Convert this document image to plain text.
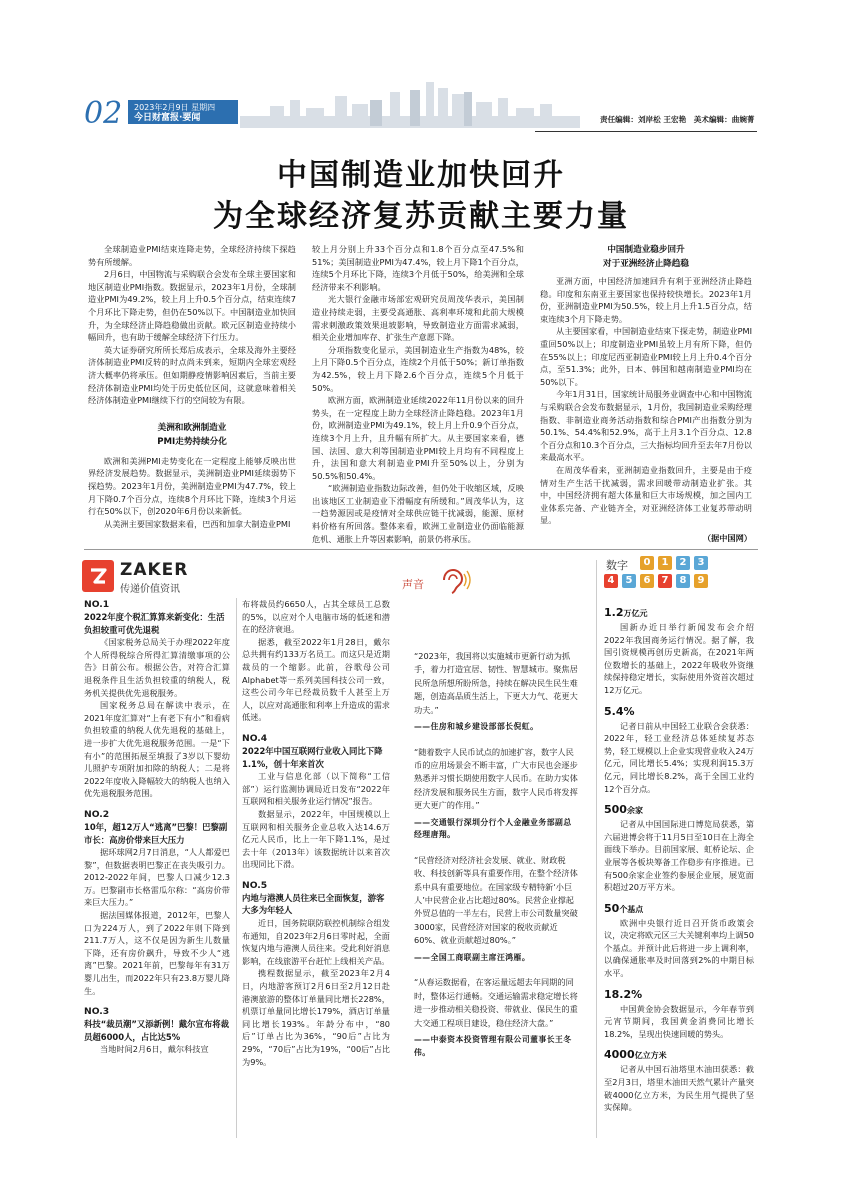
02	2023年2月9日 星期四
今日财富报·要闻	责任编辑：刘岸松 王宏艳　美术编辑：曲婉菁
中国制造业加快回升
为全球经济复苏贡献主要力量

全球制造业PMI结束连降走势，全球经济持续下探趋势有所缓解。

2月6日，中国物流与采购联合会发布全球主要国家和地区制造业PMI指数。数据显示，2023年1月份，全球制造业PMI为49.2%，较上月上升0.5个百分点，结束连续7个月环比下降走势，但仍在50%以下。中国制造业加快回升，为全球经济止降趋稳做出贡献。欧元区制造业持续小幅回升，也有助于缓解全球经济下行压力。

英大证券研究所所长郑后成表示，全球及海外主要经济体制造业PMI反转的时点尚未到来，短期内全球宏观经济大概率仍将承压。但如期静疫情影响因素后，当前主要经济体制造业PMI均处于历史低位区间，这就意味着相关经济体制造业PMI继续下行的空间较为有限。

美洲和欧洲制造业
PMI走势持续分化

欧洲和美洲PMI走势变化在一定程度上能够反映出世界经济发展趋势。数据显示，美洲制造业PMI延续弱势下探趋势。2023年1月份，美洲制造业PMI为47.7%，较上月下降0.7个百分点，连续8个月环比下降，连续3个月运行在50%以下，创2020年6月份以来新低。

从美洲主要国家数据来看，巴西和加拿大制造业PMI

较上月分别上升33个百分点和1.8个百分点至47.5%和51%；美国制造业PMI为47.4%，较上月下降1个百分点，连续5个月环比下降，连续3个月低于50%，给美洲和全球经济带来不利影响。

光大银行金融市场部宏观研究员周茂华表示，美国制造业持续走弱，主要受高通胀、高利率环境和此前大规模需求刺激政策效果退坡影响，导致制造业方面需求减弱，相关企业增加库存、扩张生产意愿下降。

分项指数变化显示，美国制造业生产指数为48%，较上月下降0.5个百分点，连续2个月低于50%；新订单指数为42.5%，较上月下降2.6个百分点，连续5个月低于50%。

欧洲方面，欧洲制造业延续2022年11月份以来的回升势头，在一定程度上助力全球经济止降趋稳。2023年1月份，欧洲制造业PMI为49.1%，较上月上升0.9个百分点，连续3个月上升，且升幅有所扩大。从主要国家来看，德国、法国、意大利等国制造业PMI较上月均有不同程度上升，法国和意大利制造业PMI升至50%以上，分别为50.5%和50.4%。

“欧洲制造业指数边际改善，但仍处于收缩区域，反映出该地区工业制造业下滑幅度有所缓和。”周茂华认为，这一趋势源因或是疫情对全球供应链干扰减弱，能源、原材料价格有所回落。整体来看，欧洲工业制造业仍面临能源危机、通胀上升等因素影响，前景仍将承压。

中国制造业稳步回升
对于亚洲经济止降趋稳

亚洲方面，中国经济加速回升有利于亚洲经济止降趋稳。印度和东南亚主要国家也保持较快增长。2023年1月份，亚洲制造业PMI为50.5%，较上月上升1.5百分点，结束连续3个月下降走势。

从主要国家看，中国制造业结束下探走势，制造业PMI重回50%以上；印度制造业PMI虽较上月有所下降，但仍在55%以上；印度尼西亚制造业PMI较上月上升0.4个百分点，至51.3%；此外，日本、韩国和越南制造业PMI均在50%以下。

今年1月31日，国家统计局服务业调查中心和中国物流与采购联合会发布数据显示，1月份，我国制造业采购经理指数、非制造业商务活动指数和综合PMI产出指数分别为50.1%、54.4%和52.9%，高于上月3.1个百分点、12.8个百分点和10.3个百分点，三大指标均回升至去年7月份以来最高水平。

在周茂华看来，亚洲制造业指数回升，主要是由于疫情对生产生活干扰减弱，需求回暖带动制造业扩张。其中，中国经济拥有超大体量和巨大市场规模，加之国内工业体系完备、产业链齐全，对亚洲经济体工业复苏带动明显。

（据中国网）
ZAKER
传递价值资讯
NO.1
2022年度个税汇算算来新变化：生活负担较重可优先退税

《国家税务总局关于办理2022年度个人所得税综合所得汇算清缴事项的公告》日前公布。根据公告，对符合汇算退税条件且生活负担较重的纳税人，税务机关提供优先退税服务。

国家税务总局在解读中表示，在2021年度汇算对“上有老下有小”和看病负担较重的纳税人优先退税的基础上，进一步扩大优先退税服务范围。一是“下有小”的范围拓展至填报了3岁以下婴幼儿照护专项附加扣除的纳税人；二是将2022年度收入降幅较大的纳税人也纳入优先退税服务范围。

NO.2
10年，超12万人“逃离”巴黎！巴黎副市长：高房价带来巨大压力

据环球网2月7日消息，“人人都爱巴黎”，但数据表明巴黎正在丧失吸引力。2012-2022年间，巴黎人口减少12.3万。巴黎副市长格雷瓜尔称：“高房价带来巨大压力。”

据法国媒体报道，2012年，巴黎人口为224万人，到了2022年则下降到211.7万人，这不仅是因为新生儿数量下降，还有房价飙升，导致不少人“逃离”巴黎。2021年前，巴黎每年有31万婴儿出生，而2022年只有23.8万婴儿降生。

NO.3
科技“裁员潮”又添新例！戴尔宣布将裁员超6000人，占比达5%

当地时间2月6日，戴尔科技宣

布将裁员约6650人，占其全球员工总数的5%，以应对个人电脑市场的低迷和潜在的经济衰退。

据悉，截至2022年1月28日，戴尔总共拥有约133万名员工。而这只是近期裁员的一个缩影。此前，谷歌母公司Alphabet等一系列美国科技公司一致，这些公司今年已经裁员数千人甚至上万人，以应对高通胀和利率上升造成的需求低迷。

NO.4
2022年中国互联网行业收入同比下降1.1%，创十年来首次

工业与信息化部（以下简称“工信部”）运行监测协调局近日发布“2022年互联网和相关服务业运行情况”报告。

数据显示，2022年，中国规模以上互联网和相关服务企业总收入达14.6万亿元人民币，比上一年下降1.1%，是过去十年（2013年）该数据统计以来首次出现同比下滑。

NO.5
内地与港澳人员往来已全面恢复，游客大多为年轻人

近日，国务院联防联控机制综合组发布通知，自2023年2月6日零时起，全面恢复内地与港澳人员往来。受此利好消息影响，在线旅游平台赶忙上线相关产品。

携程数据显示，截至2023年2月4日，内地游客预订2月6日至2月12日赴港澳旅游的整体订单量同比增长228%，机票订单量同比增长179%，酒店订单量同比增长193%。年龄分布中，“80后”订单占比为36%，“90后”占比为29%，“70后”占比为19%，“00后”占比为9%。

声音
“2023年，我国将以实施城市更新行动为抓手，着力打造宜居、韧性、智慧城市。聚焦居民所急所想所盼所急，持续在解决民生民生难题，创造高品质生活上，下更大力气、花更大功夫。”
——住房和城乡建设部部长倪虹。
“随着数字人民币试点的加速扩容，数字人民币的应用场景会不断丰富，广大市民也会逐步熟悉并习惯长期使用数字人民币。在助力实体经济发展和服务民生方面，数字人民币将发挥更大更广的作用。”
——交通银行深圳分行个人金融业务部副总经理唐翔。
“民营经济对经济社会发展、就业、财政税收、科技创新等具有重要作用，在整个经济体系中具有重要地位。在国家级专精特新‘小巨人’中民营企业占比超过80%。民营企业撑起外贸总值的一半左右，民营上市公司数量突破3000家，民营经济对国家的税收贡献近60%、就业贡献超过80%。”
——全国工商联副主席汪鸿雁。
“从春运数据看，在客运量远超去年同期的同时，整体运行通畅。交通运输需求稳定增长将进一步推动相关稳投资、带就业、保民生的重大交通工程项目建设，稳住经济大盘。”
——中泰资本投资管理有限公司董事长王冬伟。
数字
1.2万亿元

国新办近日举行新闻发布会介绍2022年我国商务运行情况。据了解，我国引资规模再创历史新高，在2021年两位数增长的基础上，2022年吸收外资继续保持稳定增长，实际使用外资首次超过12万亿元。

5.4%

记者日前从中国轻工业联合会获悉：2022年，轻工业经济总体延续复苏态势，轻工规模以上企业实现营业收入24万亿元，同比增长5.4%；实现利润15.3万亿元，同比增长8.2%，高于全国工业约12个百分点。

500余家

记者从中国国际进口博览局获悉，第六届进博会将于11月5日至10日在上海全面线下举办。目前国家展、虹桥论坛、企业展等各板块筹备工作稳步有序推进。已有500余家企业签约参展企业展，展览面积超过20万平方米。

50个基点

欧洲中央银行近日召开货币政策会议，决定将欧元区三大关键利率均上调50个基点。并预计此后将进一步上调利率，以确保通胀率及时回落到2%的中期目标水平。

18.2%

中国黄金协会数据显示，今年春节到元宵节期间，我国黄金消费同比增长18.2%，呈现出快速回暖的势头。

4000亿立方米

记者从中国石油塔里木油田获悉：截至2月3日，塔里木油田天然气累计产量突破4000亿立方米，为民生用气提供了坚实保障。

0	1	2	3
4	5	6	7	8	9
